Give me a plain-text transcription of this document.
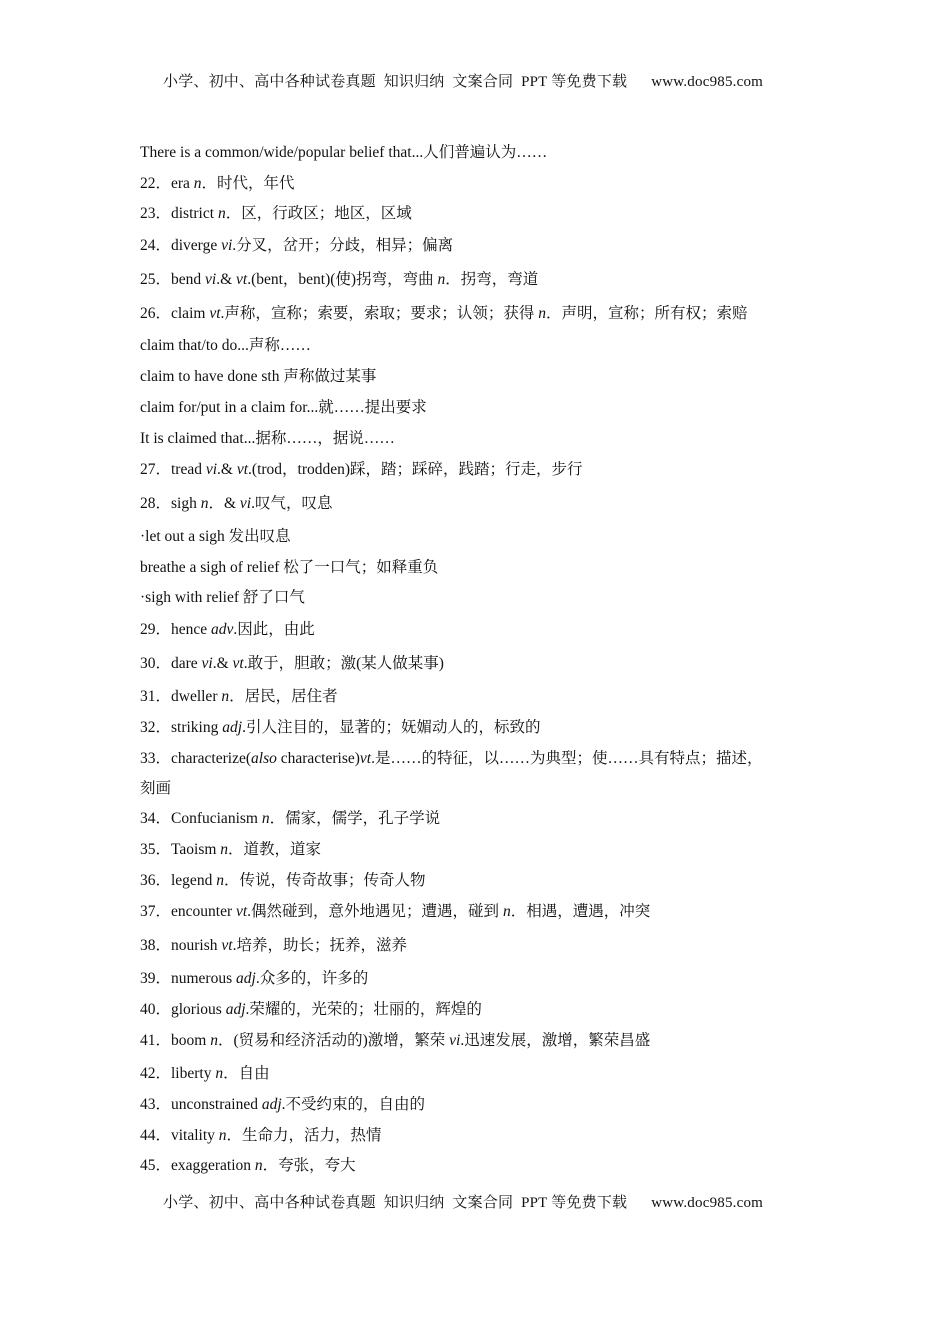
小学、初中、高中各种试卷真题  知识归纳  文案合同  PPT 等免费下载 www.doc985.com
There is a common/wide/popular belief that...人们普遍认为……
22．era n．时代，年代
23．district n．区，行政区；地区，区域
24．diverge vi.分叉，岔开；分歧，相异；偏离
25．bend vi.& vt.(bent，bent)(使)拐弯，弯曲 n．拐弯，弯道
26．claim vt.声称，宣称；索要，索取；要求；认领；获得 n．声明，宣称；所有权；索赔
claim that/to do...声称……
claim to have done sth 声称做过某事
claim for/put in a claim for...就……提出要求
It is claimed that...据称……，据说……
27．tread vi.& vt.(trod，trodden)踩，踏；踩碎，践踏；行走，步行
28．sigh n．& vi.叹气，叹息
·let out a sigh 发出叹息
breathe a sigh of relief 松了一口气；如释重负
·sigh with relief 舒了口气
29．hence adv.因此，由此
30．dare vi.& vt.敢于，胆敢；激(某人做某事)
31．dweller n．居民，居住者
32．striking adj.引人注目的，显著的；妩媚动人的，标致的
33．characterize(also characterise)vt.是……的特征，以……为典型；使……具有特点；描述，
刻画
34．Confucianism n．儒家，儒学，孔子学说
35．Taoism n．道教，道家
36．legend n．传说，传奇故事；传奇人物
37．encounter vt.偶然碰到，意外地遇见；遭遇，碰到 n．相遇，遭遇，冲突
38．nourish vt.培养，助长；抚养，滋养
39．numerous adj.众多的，许多的
40．glorious adj.荣耀的，光荣的；壮丽的，辉煌的
41．boom n．(贸易和经济活动的)激增，繁荣 vi.迅速发展，激增，繁荣昌盛
42．liberty n．自由
43．unconstrained adj.不受约束的，自由的
44．vitality n．生命力，活力，热情
45．exaggeration n．夸张，夸大
小学、初中、高中各种试卷真题  知识归纳  文案合同  PPT 等免费下载 www.doc985.com
